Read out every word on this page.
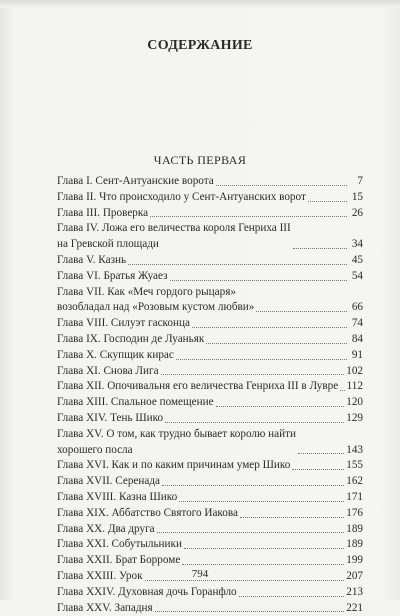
СОДЕРЖАНИЕ
ЧАСТЬ ПЕРВАЯ
Глава I. Сент-Антуанские ворота	7
Глава II. Что происходило у Сент-Антуанских ворот	15
Глава III. Проверка	26
Глава IV. Ложа его величества короля Генриха III
на Гревской площади	34
Глава V. Казнь	45
Глава VI. Братья Жуаез	54
Глава VII. Как «Меч гордого рыцаря»
возобладал над «Розовым кустом любви»	66
Глава VIII. Силуэт гасконца	74
Глава IX. Господин де Луаньяк	84
Глава X. Скупщик кирас	91
Глава XI. Снова Лига	102
Глава XII. Опочивальня его величества Генриха III в Лувре 112
Глава XIII. Спальное помещение	120
Глава XIV. Тень Шико	129
Глава XV. О том, как трудно бывает королю найти
хорошего посла	143
Глава XVI. Как и по каким причинам умер Шико	155
Глава XVII. Серенада	162
Глава XVIII. Казна Шико	171
Глава XIX. Аббатство Святого Иакова	176
Глава XX. Два друга	189
Глава XXI. Собутыльники	189
Глава XXII. Брат Борроме	199
Глава XXIII. Урок	207
Глава XXIV. Духовная дочь Горанфло	213
Глава XXV. Западня	221
794
